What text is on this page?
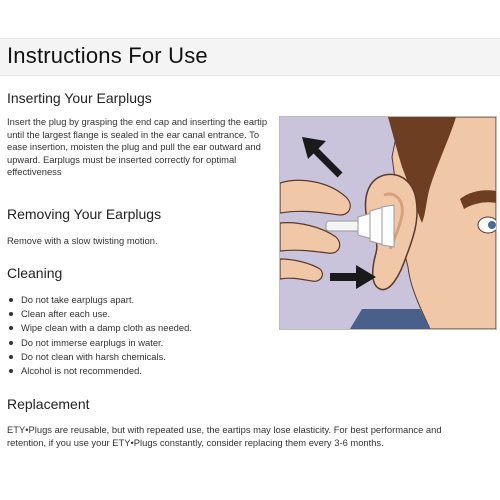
Instructions For Use
Inserting Your Earplugs
Insert the plug by grasping the end cap and inserting the eartip
until the largest flange is sealed in the ear canal entrance. To
ease insertion, moisten the plug and pull the ear outward and
upward. Earplugs must be inserted correctly for optimal
effectiveness
Removing Your Earplugs
Remove with a slow twisting motion.
Cleaning
Do not take earplugs apart.
Clean after each use.
Wipe clean with a damp cloth as needed.
Do not immerse earplugs in water.
Do not clean with harsh chemicals.
Alcohol is not recommended.
Replacement
ETY•Plugs are reusable, but with repeated use, the eartips may lose elasticity. For best performance and
retention, if you use your ETY•Plugs constantly, consider replacing them every 3-6 months.
